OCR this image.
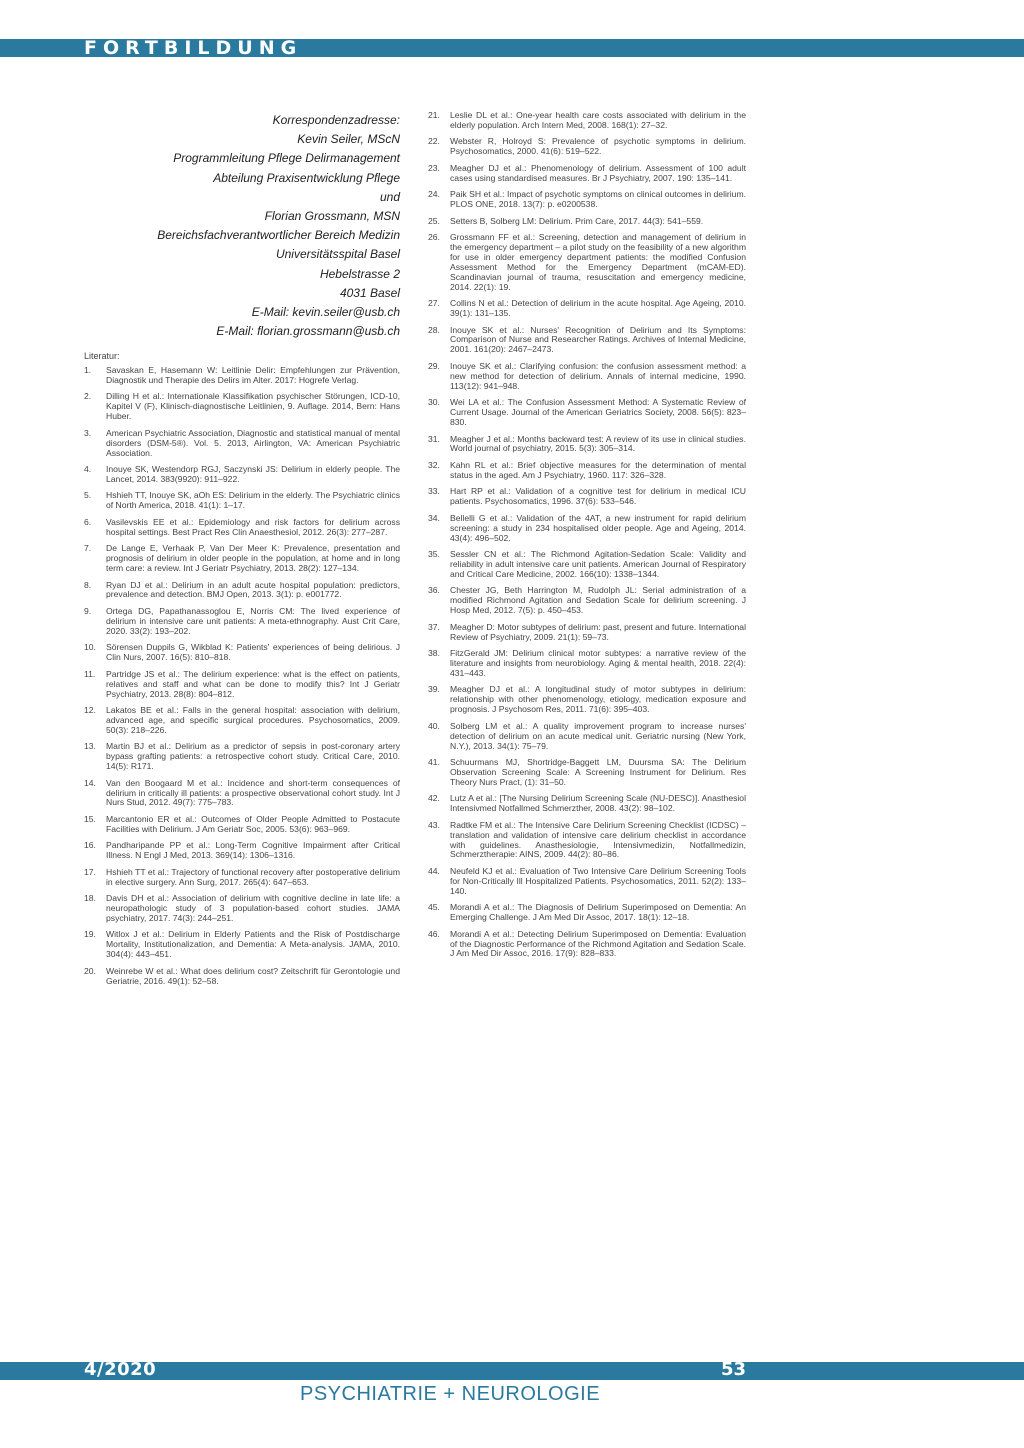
FORTBILDUNG
Korrespondenzadresse:
Kevin Seiler, MScN
Programmleitung Pflege Delirmanagement
Abteilung Praxisentwicklung Pflege
und
Florian Grossmann, MSN
Bereichsfachverantwortlicher Bereich Medizin
Universitätsspital Basel
Hebelstrasse 2
4031 Basel
E-Mail: kevin.seiler@usb.ch
E-Mail: florian.grossmann@usb.ch
Literatur:
1.	Savaskan E, Hasemann W: Leitlinie Delir: Empfehlungen zur Prävention, Diagnostik und Therapie des Delirs im Alter. 2017: Hogrefe Verlag.
2.	Dilling H et al.: Internationale Klassifikation psychischer Störungen, ICD-10, Kapitel V (F), Klinisch-diagnostische Leitlinien, 9. Auflage. 2014, Bern: Hans Huber.
3.	American Psychiatric Association, Diagnostic and statistical manual of mental disorders (DSM-5®). Vol. 5. 2013, Airlington, VA: American Psychiatric Association.
4.	Inouye SK, Westendorp RGJ, Saczynski JS: Delirium in elderly people. The Lancet, 2014. 383(9920): 911–922.
5.	Hshieh TT, Inouye SK, aOh ES: Delirium in the elderly. The Psychiatric clinics of North America, 2018. 41(1): 1–17.
6.	Vasilevskis EE et al.: Epidemiology and risk factors for delirium across hospital settings. Best Pract Res Clin Anaesthesiol, 2012. 26(3): 277–287.
7.	De Lange E, Verhaak P, Van Der Meer K: Prevalence, presentation and prognosis of delirium in older people in the population, at home and in long term care: a review. Int J Geriatr Psychiatry, 2013. 28(2): 127–134.
8.	Ryan DJ et al.: Delirium in an adult acute hospital population: predictors, prevalence and detection. BMJ Open, 2013. 3(1): p. e001772.
9.	Ortega DG, Papathanassoglou E, Norris CM: The lived experience of delirium in intensive care unit patients: A meta-ethnography. Aust Crit Care, 2020. 33(2): 193–202.
10.	Sörensen Duppils G, Wikblad K: Patients' experiences of being delirious. J Clin Nurs, 2007. 16(5): 810–818.
11.	Partridge JS et al.: The delirium experience: what is the effect on patients, relatives and staff and what can be done to modify this? Int J Geriatr Psychiatry, 2013. 28(8): 804–812.
12.	Lakatos BE et al.: Falls in the general hospital: association with delirium, advanced age, and specific surgical procedures. Psychosomatics, 2009. 50(3): 218–226.
13.	Martin BJ et al.: Delirium as a predictor of sepsis in post-coronary artery bypass grafting patients: a retrospective cohort study. Critical Care, 2010. 14(5): R171.
14.	Van den Boogaard M et al.: Incidence and short-term consequences of delirium in critically ill patients: a prospective observational cohort study. Int J Nurs Stud, 2012. 49(7): 775–783.
15.	Marcantonio ER et al.: Outcomes of Older People Admitted to Postacute Facilities with Delirium. J Am Geriatr Soc, 2005. 53(6): 963–969.
16.	Pandharipande PP et al.: Long-Term Cognitive Impairment after Critical Illness. N Engl J Med, 2013. 369(14): 1306–1316.
17.	Hshieh TT et al.: Trajectory of functional recovery after postoperative delirium in elective surgery. Ann Surg, 2017. 265(4): 647–653.
18.	Davis DH et al.: Association of delirium with cognitive decline in late life: a neuropathologic study of 3 population-based cohort studies. JAMA psychiatry, 2017. 74(3): 244–251.
19.	Witlox J et al.: Delirium in Elderly Patients and the Risk of Postdischarge Mortality, Institutionalization, and Dementia: A Meta-analysis. JAMA, 2010. 304(4): 443–451.
20.	Weinrebe W et al.: What does delirium cost? Zeitschrift für Gerontologie und Geriatrie, 2016. 49(1): 52–58.
21.	Leslie DL et al.: One-year health care costs associated with delirium in the elderly population. Arch Intern Med, 2008. 168(1): 27–32.
22.	Webster R, Holroyd S: Prevalence of psychotic symptoms in delirium. Psychosomatics, 2000. 41(6): 519–522.
23.	Meagher DJ et al.: Phenomenology of delirium. Assessment of 100 adult cases using standardised measures. Br J Psychiatry, 2007. 190: 135–141.
24.	Paik SH et al.: Impact of psychotic symptoms on clinical outcomes in delirium. PLOS ONE, 2018. 13(7): p. e0200538.
25.	Setters B, Solberg LM: Delirium. Prim Care, 2017. 44(3): 541–559.
26.	Grossmann FF et al.: Screening, detection and management of delirium in the emergency department – a pilot study on the feasibility of a new algorithm for use in older emergency department patients: the modified Confusion Assessment Method for the Emergency Department (mCAM-ED). Scandinavian journal of trauma, resuscitation and emergency medicine, 2014. 22(1): 19.
27.	Collins N et al.: Detection of delirium in the acute hospital. Age Ageing, 2010. 39(1): 131–135.
28.	Inouye SK et al.: Nurses' Recognition of Delirium and Its Symptoms: Comparison of Nurse and Researcher Ratings. Archives of Internal Medicine, 2001. 161(20): 2467–2473.
29.	Inouye SK et al.: Clarifying confusion: the confusion assessment method: a new method for detection of delirium. Annals of internal medicine, 1990. 113(12): 941–948.
30.	Wei LA et al.: The Confusion Assessment Method: A Systematic Review of Current Usage. Journal of the American Geriatrics Society, 2008. 56(5): 823–830.
31.	Meagher J et al.: Months backward test: A review of its use in clinical studies. World journal of psychiatry, 2015. 5(3): 305–314.
32.	Kahn RL et al.: Brief objective measures for the determination of mental status in the aged. Am J Psychiatry, 1960. 117: 326–328.
33.	Hart RP et al.: Validation of a cognitive test for delirium in medical ICU patients. Psychosomatics, 1996. 37(6): 533–546.
34.	Bellelli G et al.: Validation of the 4AT, a new instrument for rapid delirium screening: a study in 234 hospitalised older people. Age and Ageing, 2014. 43(4): 496–502.
35.	Sessler CN et al.: The Richmond Agitation-Sedation Scale: Validity and reliability in adult intensive care unit patients. American Journal of Respiratory and Critical Care Medicine, 2002. 166(10): 1338–1344.
36.	Chester JG, Beth Harrington M, Rudolph JL: Serial administration of a modified Richmond Agitation and Sedation Scale for delirium screening. J Hosp Med, 2012. 7(5): p. 450–453.
37.	Meagher D: Motor subtypes of delirium: past, present and future. International Review of Psychiatry, 2009. 21(1): 59–73.
38.	FitzGerald JM: Delirium clinical motor subtypes: a narrative review of the literature and insights from neurobiology. Aging & mental health, 2018. 22(4): 431–443.
39.	Meagher DJ et al.: A longitudinal study of motor subtypes in delirium: relationship with other phenomenology, etiology, medication exposure and prognosis. J Psychosom Res, 2011. 71(6): 395–403.
40.	Solberg LM et al.: A quality improvement program to increase nurses' detection of delirium on an acute medical unit. Geriatric nursing (New York, N.Y.), 2013. 34(1): 75–79.
41.	Schuurmans MJ, Shortridge-Baggett LM, Duursma SA: The Delirium Observation Screening Scale: A Screening Instrument for Delirium. Res Theory Nurs Pract, (1): 31–50.
42.	Lutz A et al.: [The Nursing Delirium Screening Scale (NU-DESC)]. Anasthesiol Intensivmed Notfallmed Schmerzther, 2008. 43(2): 98–102.
43.	Radtke FM et al.: The Intensive Care Delirium Screening Checklist (ICDSC) – translation and validation of intensive care delirium checklist in accordance with guidelines. Anasthesiologie, Intensivmedizin, Notfallmedizin, Schmerztherapie: AINS, 2009. 44(2): 80–86.
44.	Neufeld KJ et al.: Evaluation of Two Intensive Care Delirium Screening Tools for Non-Critically Ill Hospitalized Patients. Psychosomatics, 2011. 52(2): 133–140.
45.	Morandi A et al.: The Diagnosis of Delirium Superimposed on Dementia: An Emerging Challenge. J Am Med Dir Assoc, 2017. 18(1): 12–18.
46.	Morandi A et al.: Detecting Delirium Superimposed on Dementia: Evaluation of the Diagnostic Performance of the Richmond Agitation and Sedation Scale. J Am Med Dir Assoc, 2016. 17(9): 828–833.
4/2020	53
PSYCHIATRIE + NEUROLOGIE
